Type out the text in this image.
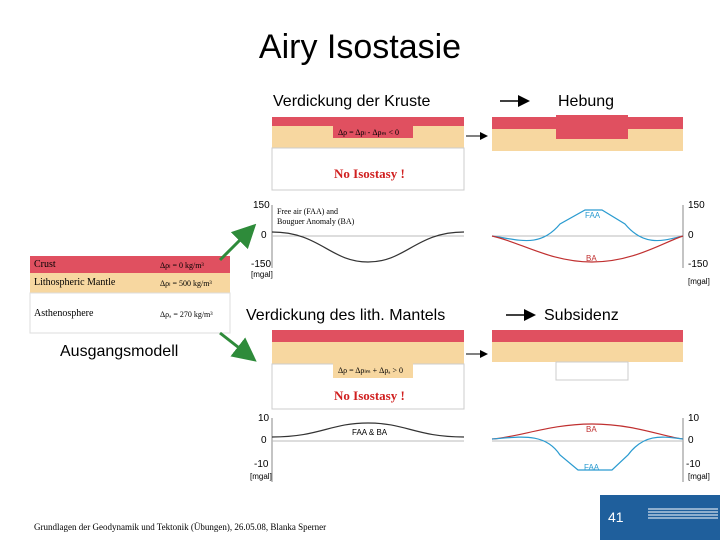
Airy Isostasie
Verdickung der Kruste	Hebung
Verdickung des lith. Mantels	Subsidenz
Ausgangsmodell
Crust	Δρₗ = 0 kg/m³
Lithospheric Mantle	Δρₗ = 500 kg/m³
Asthenosphere	Δρₐ = 270 kg/m³
Δρ = Δρₗ - Δρₘ < 0
No Isostasy !
150
0
-150
[mgal]
Free air (FAA) and
Bouguer Anomaly (BA)
FAA
BA
150
0
-150
[mgal]
Δρ = Δρₗₘ + Δρₐ > 0
No Isostasy !
FAA & BA
10
0
-10
[mgal]
BA
FAA
10
0
-10
[mgal]
Grundlagen der Geodynamik und Tektonik (Übungen), 26.05.08, Blanka Sperner
41
